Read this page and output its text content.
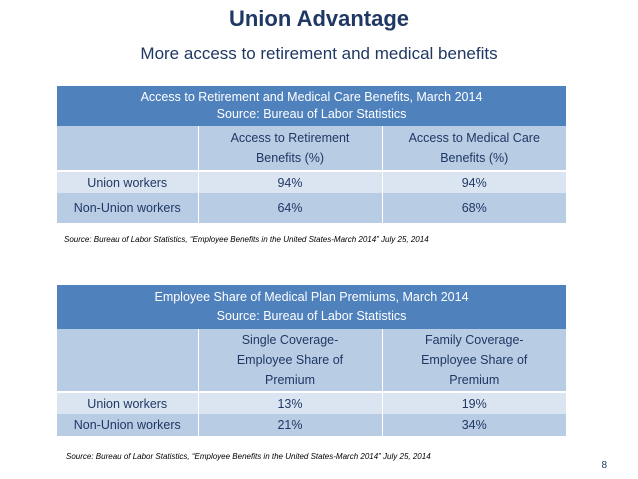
Union Advantage
More access to retirement and medical benefits
Access to Retirement and Medical Care Benefits, March 2014
Source: Bureau of Labor Statistics		

	Access to Retirement Benefits (%)	Access to Medical Care Benefits (%)
Union workers	94%	94%
Non-Union workers	64%	68%
Source: Bureau of Labor Statistics, “Employee Benefits in the United States-March 2014” July 25, 2014
Employee Share of Medical Plan Premiums, March 2014
Source: Bureau of Labor Statistics		

	Single Coverage-Employee Share of Premium	Family Coverage-Employee Share of Premium
Union workers	13%	19%
Non-Union workers	21%	34%
Source: Bureau of Labor Statistics, “Employee Benefits in the United States-March 2014” July 25, 2014
8
